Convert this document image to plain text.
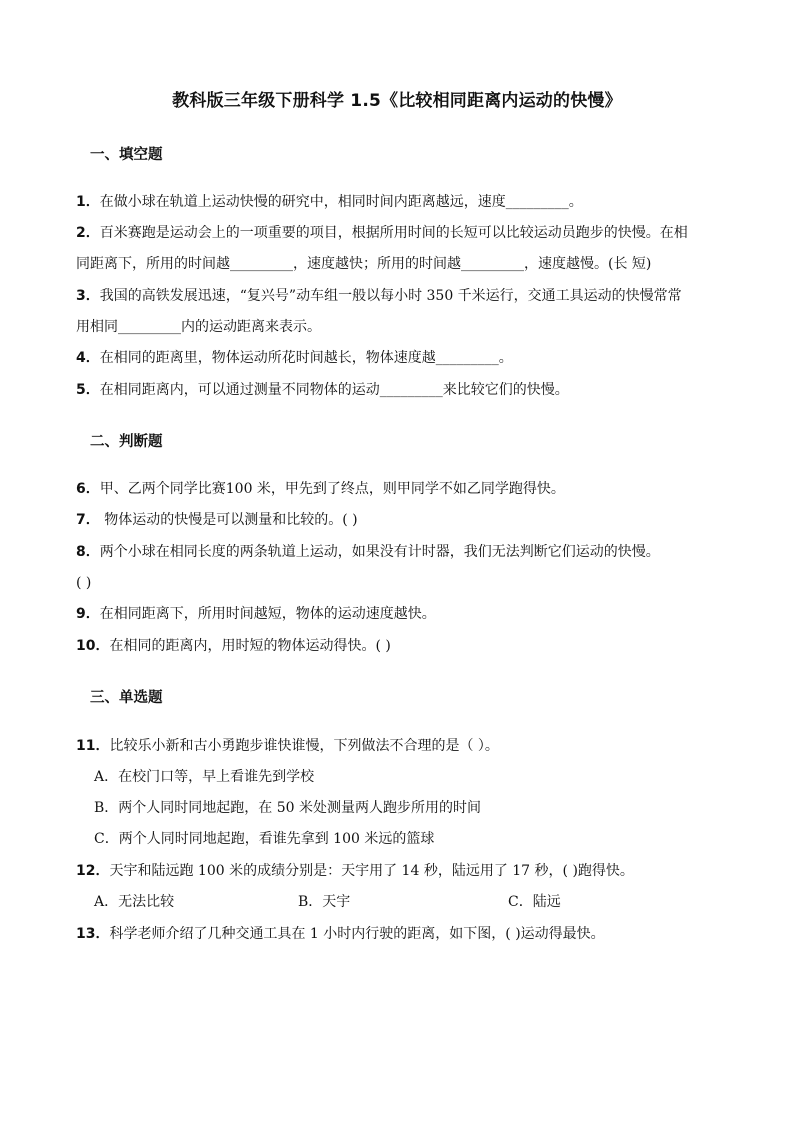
教科版三年级下册科学 1.5《比较相同距离内运动的快慢》
一、填空题
1．在做小球在轨道上运动快慢的研究中，相同时间内距离越远，速度_________。
2．百米赛跑是运动会上的一项重要的项目，根据所用时间的长短可以比较运动员跑步的快慢。在相
同距离下，所用的时间越_________，速度越快；所用的时间越_________，速度越慢。(长 短)
3．我国的高铁发展迅速，“复兴号”动车组一般以每小时 350 千米运行，交通工具运动的快慢常常
用相同_________内的运动距离来表示。
4．在相同的距离里，物体运动所花时间越长，物体速度越_________。
5．在相同距离内，可以通过测量不同物体的运动_________来比较它们的快慢。
二、判断题
6．甲、乙两个同学比赛100 米，甲先到了终点，则甲同学不如乙同学跑得快。
7． 物体运动的快慢是可以测量和比较的。( )
8．两个小球在相同长度的两条轨道上运动，如果没有计时器，我们无法判断它们运动的快慢。
( )
9．在相同距离下，所用时间越短，物体的运动速度越快。
10．在相同的距离内，用时短的物体运动得快。( )
三、单选题
11．比较乐小新和古小勇跑步谁快谁慢，下列做法不合理的是（ ）。
A．在校门口等，早上看谁先到学校
B．两个人同时同地起跑，在 50 米处测量两人跑步所用的时间
C．两个人同时同地起跑，看谁先拿到 100 米远的篮球
12．天宇和陆远跑 100 米的成绩分别是：天宇用了 14 秒，陆远用了 17 秒，( )跑得快。
A．无法比较	B．天宇	C．陆远
13．科学老师介绍了几种交通工具在 1 小时内行驶的距离，如下图，( )运动得最快。
